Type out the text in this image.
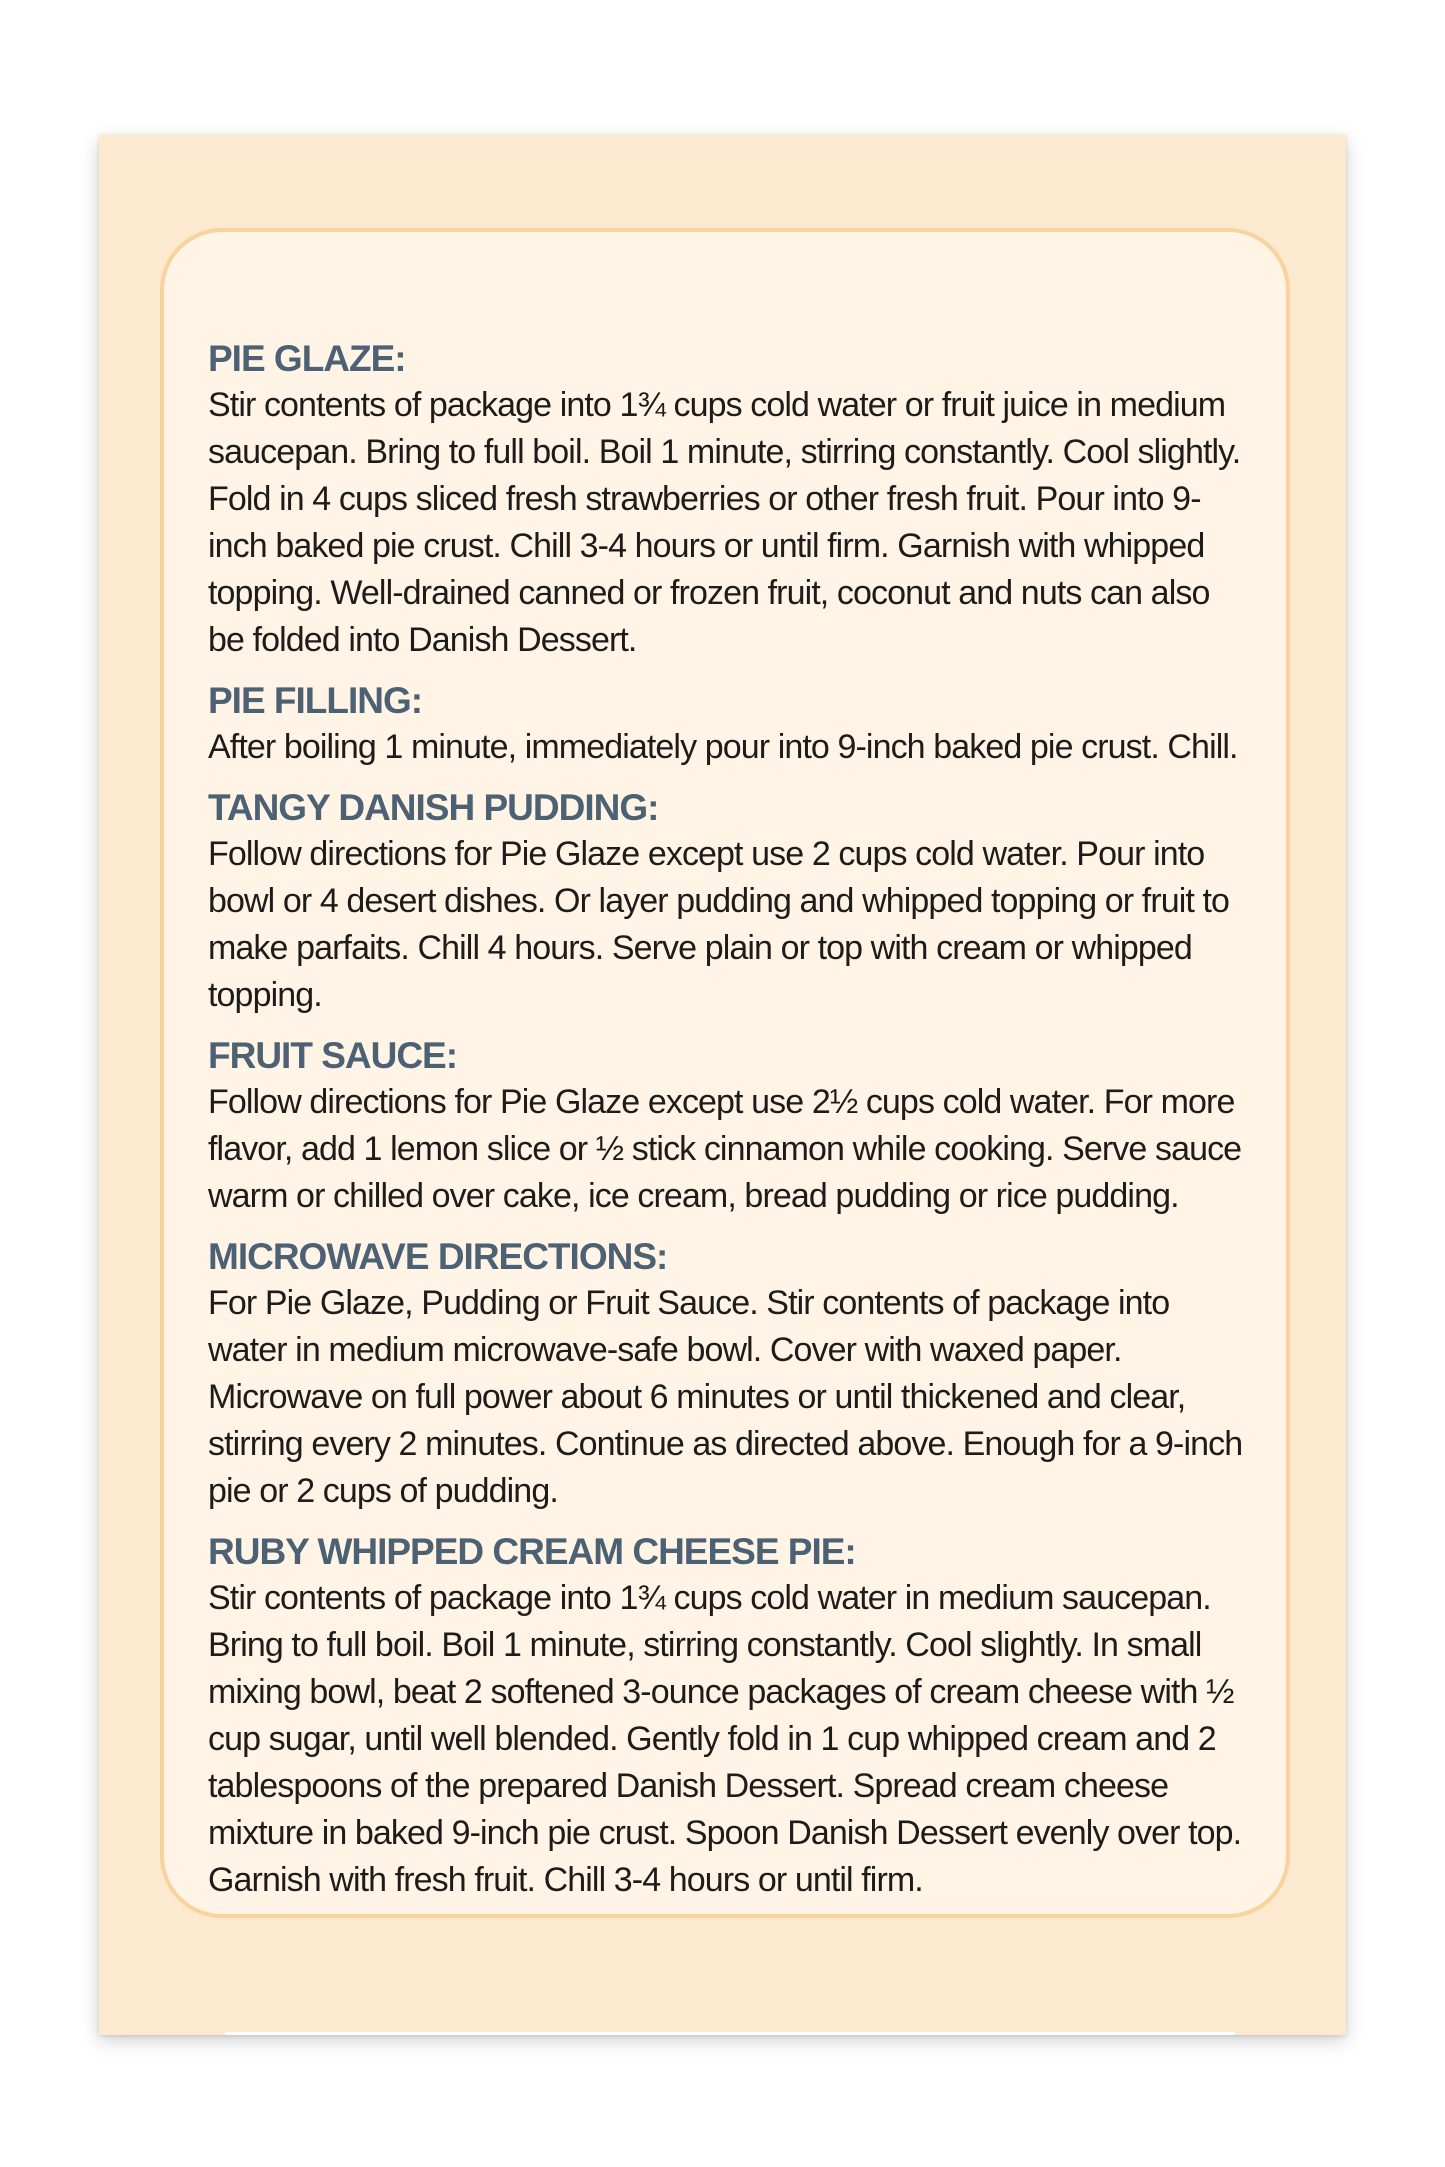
PIE GLAZE:
Stir contents of package into 1¾ cups cold water or fruit juice in medium saucepan. Bring to full boil. Boil 1 minute, stirring constantly. Cool slightly. Fold in 4 cups sliced fresh strawberries or other fresh fruit. Pour into 9-inch baked pie crust. Chill 3-4 hours or until firm. Garnish with whipped topping. Well-drained canned or frozen fruit, coconut and nuts can also be folded into Danish Dessert.
PIE FILLING:
After boiling 1 minute, immediately pour into 9-inch baked pie crust. Chill.
TANGY DANISH PUDDING:
Follow directions for Pie Glaze except use 2 cups cold water. Pour into bowl or 4 desert dishes. Or layer pudding and whipped topping or fruit to make parfaits. Chill 4 hours. Serve plain or top with cream or whipped topping.
FRUIT SAUCE:
Follow directions for Pie Glaze except use 2½ cups cold water. For more flavor, add 1 lemon slice or ½ stick cinnamon while cooking. Serve sauce warm or chilled over cake, ice cream, bread pudding or rice pudding.
MICROWAVE DIRECTIONS:
For Pie Glaze, Pudding or Fruit Sauce. Stir contents of package into water in medium microwave-safe bowl. Cover with waxed paper. Microwave on full power about 6 minutes or until thickened and clear, stirring every 2 minutes. Continue as directed above. Enough for a 9-inch pie or 2 cups of pudding.
RUBY WHIPPED CREAM CHEESE PIE:
Stir contents of package into 1¾ cups cold water in medium saucepan. Bring to full boil. Boil 1 minute, stirring constantly. Cool slightly. In small mixing bowl, beat 2 softened 3-ounce packages of cream cheese with ½ cup sugar, until well blended. Gently fold in 1 cup whipped cream and 2 tablespoons of the prepared Danish Dessert. Spread cream cheese mixture in baked 9-inch pie crust. Spoon Danish Dessert evenly over top. Garnish with fresh fruit. Chill 3-4 hours or until firm.
